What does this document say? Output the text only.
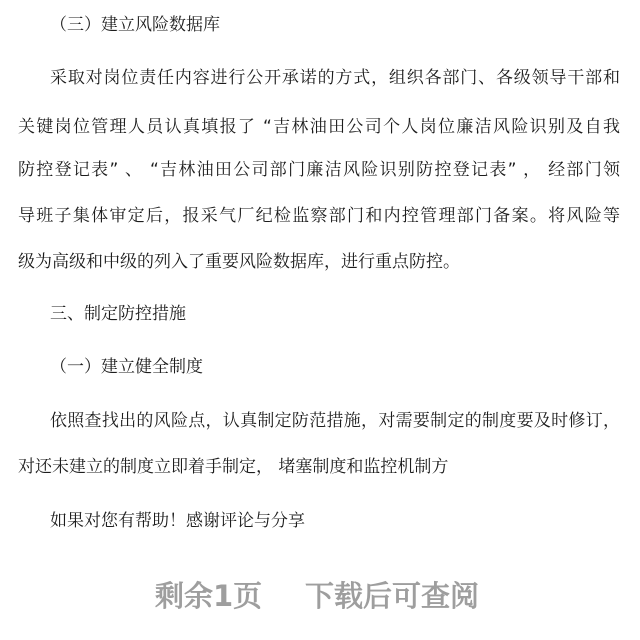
（三）建立风险数据库

采取对岗位责任内容进行公开承诺的方式，组织各部门、各级领导干部和

关键岗位管理人员认真填报了 “吉林油田公司个人岗位廉洁风险识别及自我

防控登记表” 、 “吉林油田公司部门廉洁风险识别防控登记表” ， 经部门领

导班子集体审定后，报采气厂纪检监察部门和内控管理部门备案。将风险等

级为高级和中级的列入了重要风险数据库，进行重点防控。

三、制定防控措施
（一）建立健全制度

依照查找出的风险点，认真制定防范措施，对需要制定的制度要及时修订，

对还未建立的制度立即着手制定， 堵塞制度和监控机制方

如果对您有帮助！感谢评论与分享

剩余1页 下载后可查阅
